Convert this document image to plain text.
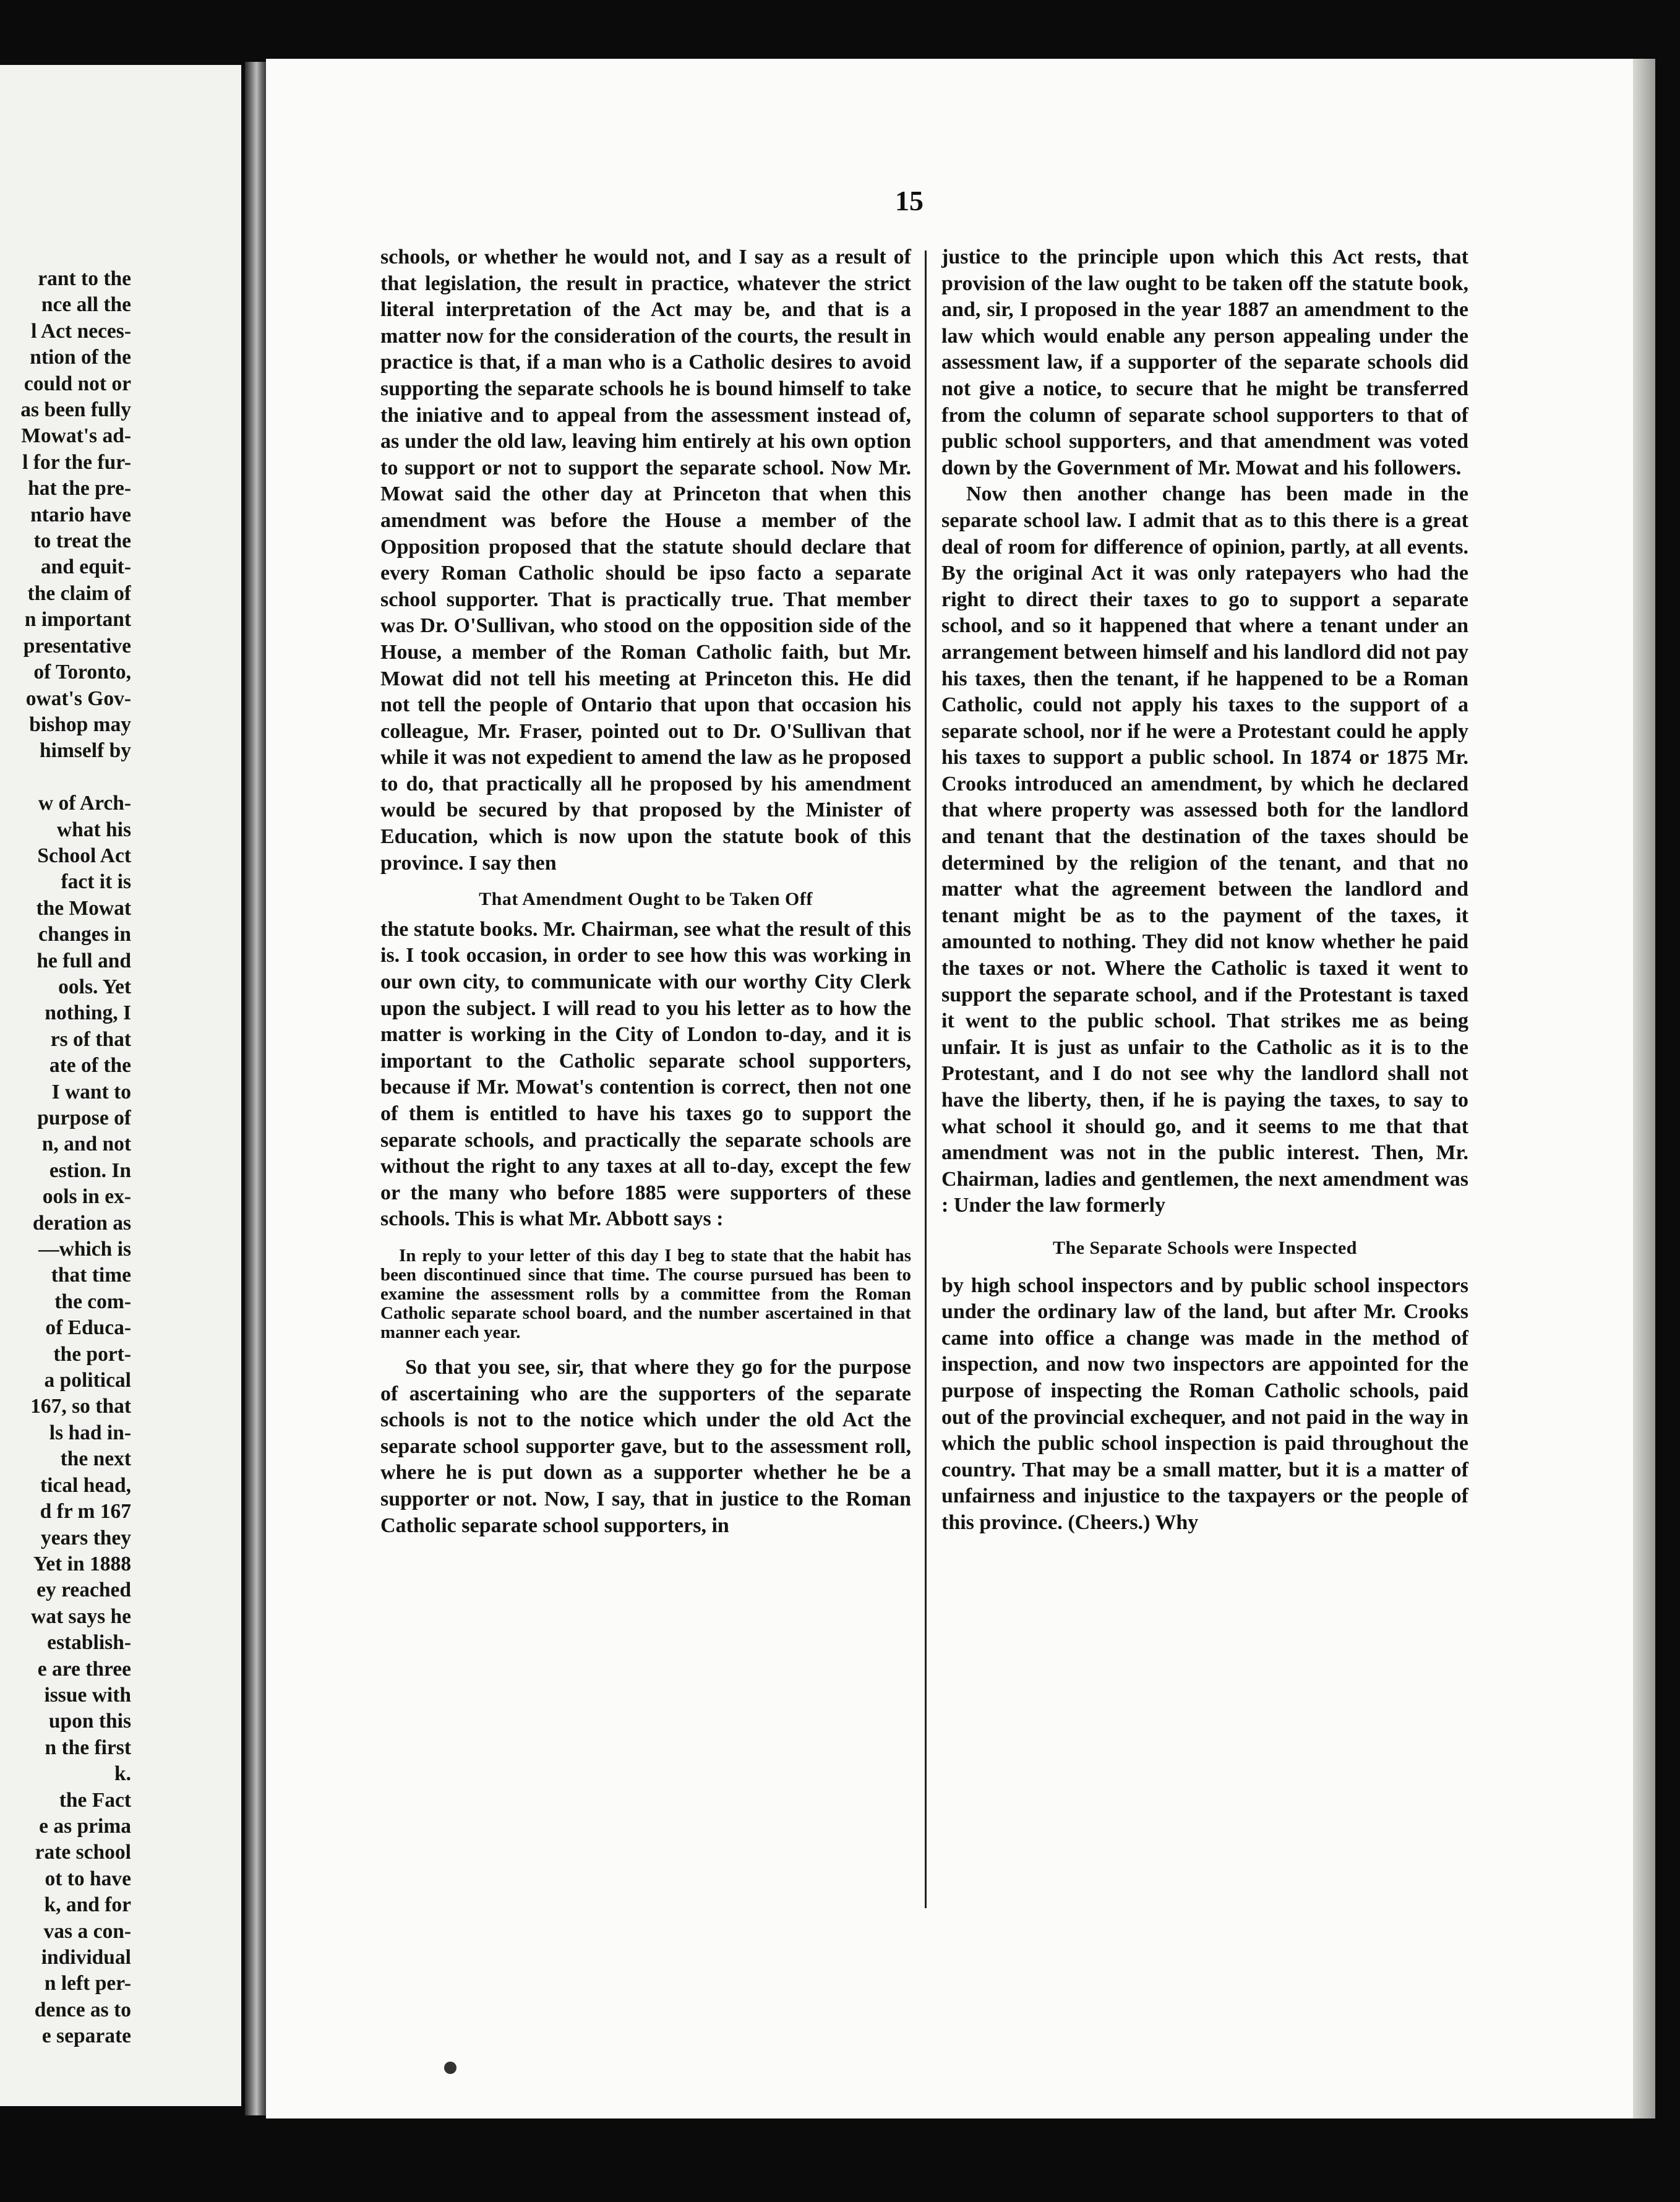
rant to the
nce all the
l Act neces-
ntion of the
could not or
as been fully
Mowat's ad-
l for the fur-
hat the pre-
ntario have
to treat the
and equit-
the claim of
n important
presentative
of Toronto,
owat's Gov-
bishop may
himself by

w of Arch-
what his
School Act
fact it is
the Mowat
changes in
he full and
ools. Yet
nothing, I
rs of that
ate of the
I want to
purpose of
n, and not
estion. In
ools in ex-
deration as
—which is
that time
the com-
of Educa-
the port-
a political
167, so that
ls had in-
the next
tical head,
d fr m 167
years they
Yet in 1888
ey reached
wat says he
establish-
e are three
issue with
upon this
n the first
k.
the Fact
e as prima
rate school
ot to have
k, and for
vas a con-
individual
n left per-
dence as to
e separate
15

schools, or whether he would not, and I say as a result of that legislation, the result in practice, whatever the strict literal interpretation of the Act may be, and that is a matter now for the consideration of the courts, the result in practice is that, if a man who is a Catholic desires to avoid supporting the separate schools he is bound himself to take the iniative and to appeal from the assessment instead of, as under the old law, leaving him entirely at his own option to support or not to support the separate school. Now Mr. Mowat said the other day at Princeton that when this amendment was before the House a member of the Opposition proposed that the statute should declare that every Roman Catholic should be ipso facto a separate school supporter. That is practically true. That member was Dr. O'Sullivan, who stood on the opposition side of the House, a member of the Roman Catholic faith, but Mr. Mowat did not tell his meeting at Princeton this. He did not tell the people of Ontario that upon that occasion his colleague, Mr. Fraser, pointed out to Dr. O'Sullivan that while it was not expedient to amend the law as he proposed to do, that practically all he proposed by his amendment would be secured by that proposed by the Minister of Education, which is now upon the statute book of this province. I say then

That Amendment Ought to be Taken Off

the statute books. Mr. Chairman, see what the result of this is. I took occasion, in order to see how this was working in our own city, to communicate with our worthy City Clerk upon the subject. I will read to you his letter as to how the matter is working in the City of London to-day, and it is important to the Catholic separate school supporters, because if Mr. Mowat's contention is correct, then not one of them is entitled to have his taxes go to support the separate schools, and practically the separate schools are without the right to any taxes at all to-day, except the few or the many who before 1885 were supporters of these schools. This is what Mr. Abbott says :

In reply to your letter of this day I beg to state that the habit has been discontinued since that time. The course pursued has been to examine the assessment rolls by a committee from the Roman Catholic separate school board, and the number ascertained in that manner each year.

So that you see, sir, that where they go for the purpose of ascertaining who are the supporters of the separate schools is not to the notice which under the old Act the separate school supporter gave, but to the assessment roll, where he is put down as a supporter whether he be a supporter or not. Now, I say, that in justice to the Roman Catholic separate school supporters, in

justice to the principle upon which this Act rests, that provision of the law ought to be taken off the statute book, and, sir, I proposed in the year 1887 an amendment to the law which would enable any person appealing under the assessment law, if a supporter of the separate schools did not give a notice, to secure that he might be transferred from the column of separate school supporters to that of public school supporters, and that amendment was voted down by the Government of Mr. Mowat and his followers.

Now then another change has been made in the separate school law. I admit that as to this there is a great deal of room for difference of opinion, partly, at all events. By the original Act it was only ratepayers who had the right to direct their taxes to go to support a separate school, and so it happened that where a tenant under an arrangement between himself and his landlord did not pay his taxes, then the tenant, if he happened to be a Roman Catholic, could not apply his taxes to the support of a separate school, nor if he were a Protestant could he apply his taxes to support a public school. In 1874 or 1875 Mr. Crooks introduced an amendment, by which he declared that where property was assessed both for the landlord and tenant that the destination of the taxes should be determined by the religion of the tenant, and that no matter what the agreement between the landlord and tenant might be as to the payment of the taxes, it amounted to nothing. They did not know whether he paid the taxes or not. Where the Catholic is taxed it went to support the separate school, and if the Protestant is taxed it went to the public school. That strikes me as being unfair. It is just as unfair to the Catholic as it is to the Protestant, and I do not see why the landlord shall not have the liberty, then, if he is paying the taxes, to say to what school it should go, and it seems to me that that amendment was not in the public interest. Then, Mr. Chairman, ladies and gentlemen, the next amendment was : Under the law formerly

The Separate Schools were Inspected

by high school inspectors and by public school inspectors under the ordinary law of the land, but after Mr. Crooks came into office a change was made in the method of inspection, and now two inspectors are appointed for the purpose of inspecting the Roman Catholic schools, paid out of the provincial exchequer, and not paid in the way in which the public school inspection is paid throughout the country. That may be a small matter, but it is a matter of unfairness and injustice to the taxpayers or the people of this province. (Cheers.) Why
